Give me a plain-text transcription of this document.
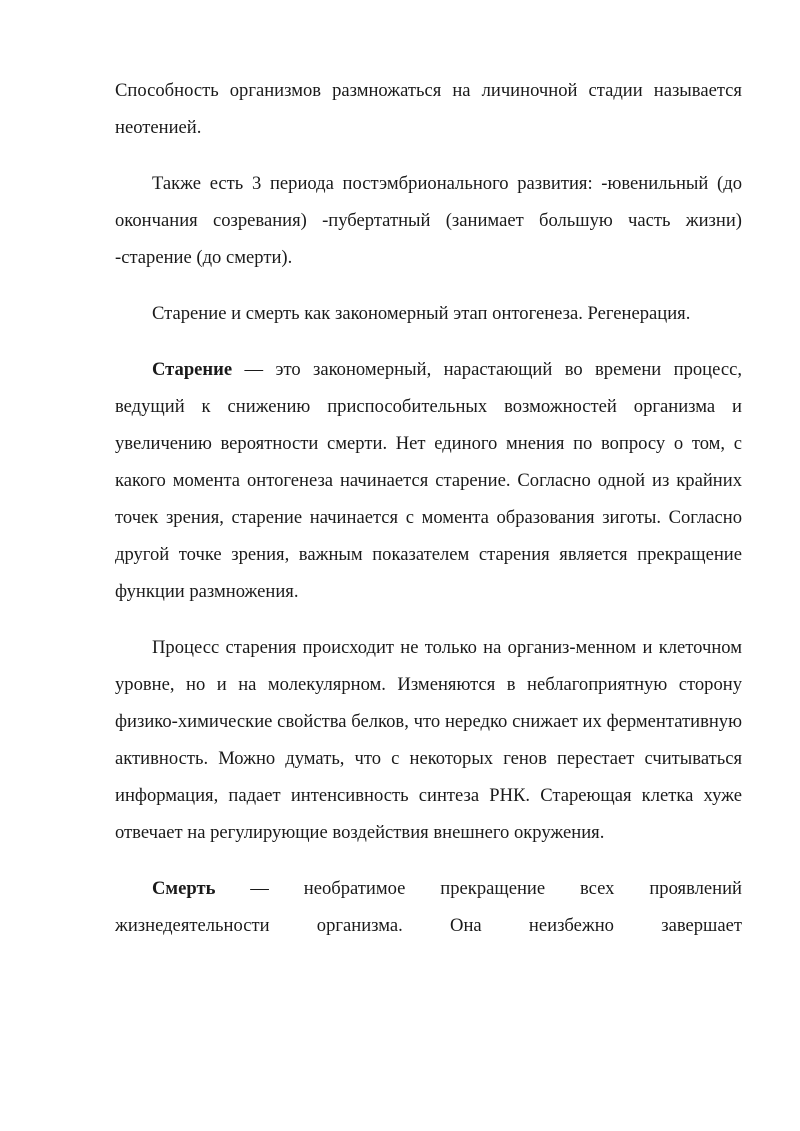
Способность организмов размножаться на личиночной стадии называется неотенией.

Также есть 3 периода постэмбрионального развития: -ювенильный (до окончания созревания) -пубертатный (занимает большую часть жизни) -старение (до смерти).

Старение и смерть как закономерный этап онтогенеза. Регенерация.

Старение — это закономерный, нарастающий во времени процесс, ведущий к снижению приспособительных возможностей организма и увеличению вероятности смерти. Нет единого мнения по вопросу о том, с какого момента онтогенеза начинается старение. Согласно одной из крайних точек зрения, старение начинается с момента образования зиготы. Согласно другой точке зрения, важным показателем старения является прекращение функции размножения.

Процесс старения происходит не только на организ-менном и клеточном уровне, но и на молекулярном. Изменяются в неблагоприятную сторону физико-химические свойства белков, что нередко снижает их ферментативную активность. Можно думать, что с некоторых генов перестает считываться информация, падает интенсивность синтеза РНК. Стареющая клетка хуже отвечает на регулирующие воздействия внешнего окружения.

Смерть — необратимое прекращение всех проявлений жизнедеятельности организма. Она неизбежно завершает
